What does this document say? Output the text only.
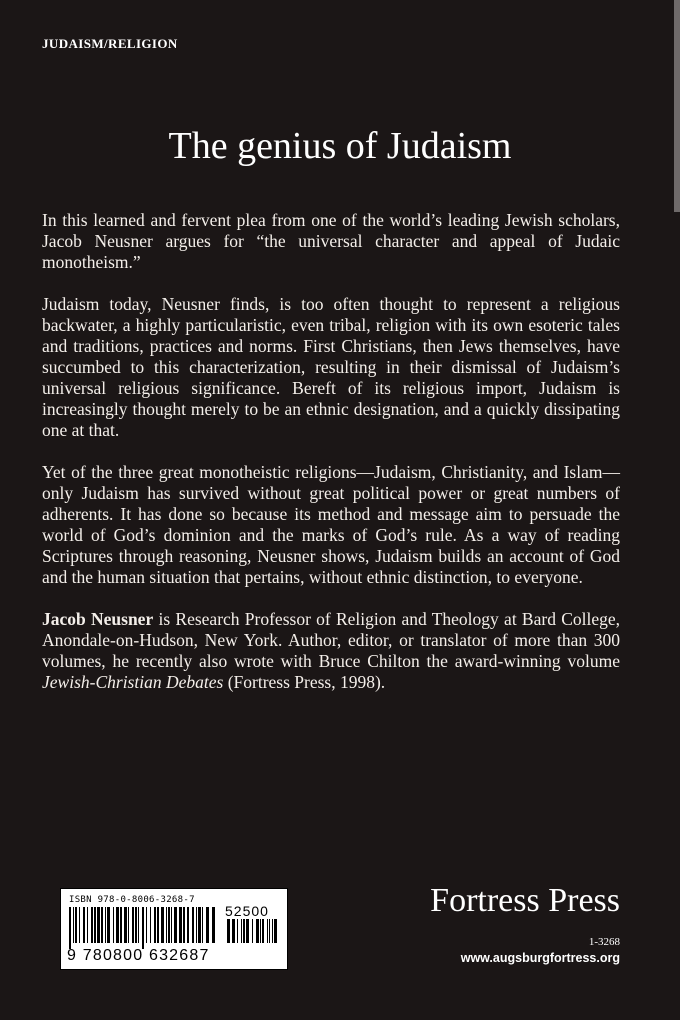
JUDAISM/RELIGION
The genius of Judaism

In this learned and fervent plea from one of the world’s leading Jewish scholars, Jacob Neusner argues for “the universal character and appeal of Judaic monotheism.”

Judaism today, Neusner finds, is too often thought to represent a religious backwater, a highly particularistic, even tribal, religion with its own esoteric tales and traditions, practices and norms. First Christians, then Jews themselves, have succumbed to this characterization, resulting in their dismissal of Judaism’s universal religious significance. Bereft of its religious import, Judaism is increasingly thought merely to be an ethnic designation, and a quickly dissipating one at that.

Yet of the three great monotheistic religions—Judaism, Christianity, and Islam—only Judaism has survived without great political power or great numbers of adherents. It has done so because its method and message aim to persuade the world of God’s dominion and the marks of God’s rule. As a way of reading Scriptures through reasoning, Neusner shows, Judaism builds an account of God and the human situation that pertains, without ethnic distinction, to everyone.

Jacob Neusner is Research Professor of Religion and Theology at Bard College, Anondale-on-Hudson, New York. Author, editor, or translator of more than 300 volumes, he recently also wrote with Bruce Chilton the award-winning volume Jewish-Christian Debates (Fortress Press, 1998).

ISBN 978-0-8006-3268-7
52500
9 780800 632687
Fortress Press
1-3268
www.augsburgfortress.org
